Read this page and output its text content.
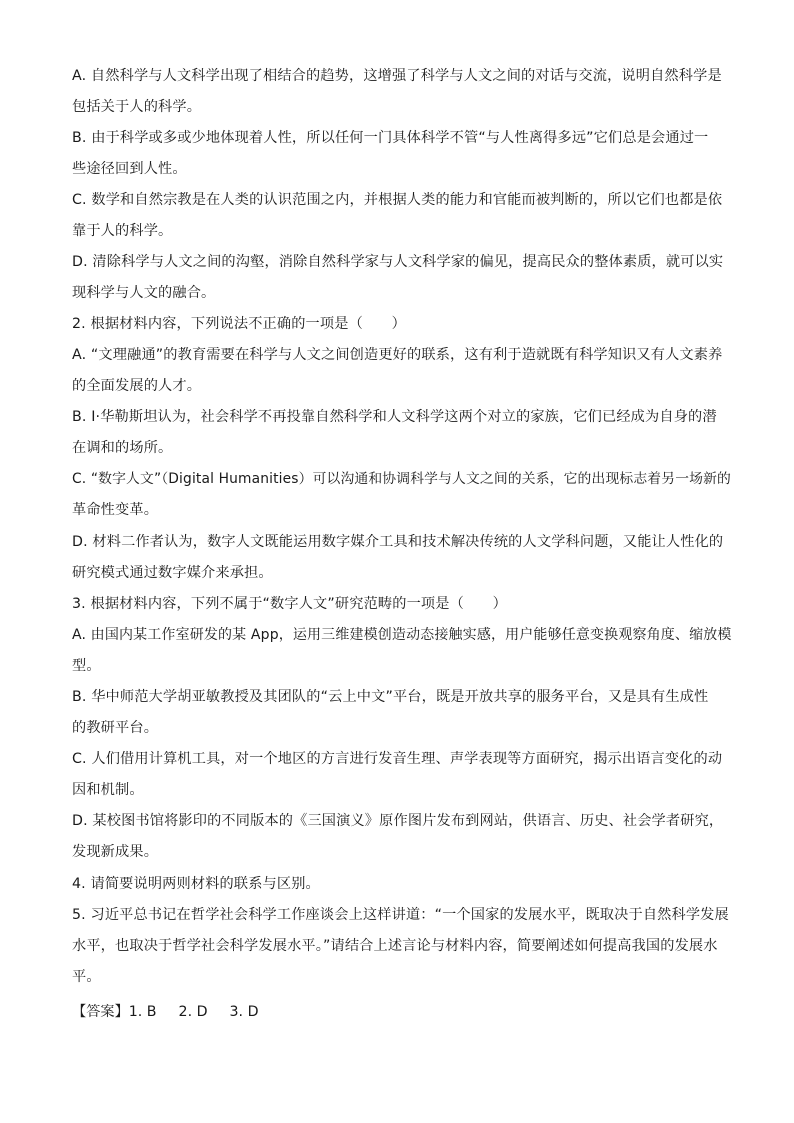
A. 自然科学与人文科学出现了相结合的趋势，这增强了科学与人文之间的对话与交流，说明自然科学是
包括关于人的科学。
B. 由于科学或多或少地体现着人性，所以任何一门具体科学不管“与人性离得多远”它们总是会通过一
些途径回到人性。
C. 数学和自然宗教是在人类的认识范围之内，并根据人类的能力和官能而被判断的，所以它们也都是依
靠于人的科学。
D. 清除科学与人文之间的沟壑，消除自然科学家与人文科学家的偏见，提高民众的整体素质，就可以实
现科学与人文的融合。
2. 根据材料内容，下列说法不正确的一项是（　　）
A. “文理融通”的教育需要在科学与人文之间创造更好的联系，这有利于造就既有科学知识又有人文素养
的全面发展的人才。
B. I·华勒斯坦认为，社会科学不再投靠自然科学和人文科学这两个对立的家族，它们已经成为自身的潜
在调和的场所。
C. “数字人文”（Digital Humanities）可以沟通和协调科学与人文之间的关系，它的出现标志着另一场新的
革命性变革。
D. 材料二作者认为，数字人文既能运用数字媒介工具和技术解决传统的人文学科问题，又能让人性化的
研究模式通过数字媒介来承担。
3. 根据材料内容，下列不属于“数字人文”研究范畴的一项是（　　）
A. 由国内某工作室研发的某 App，运用三维建模创造动态接触实感，用户能够任意变换观察角度、缩放模
型。
B. 华中师范大学胡亚敏教授及其团队的“云上中文”平台，既是开放共享的服务平台，又是具有生成性
的教研平台。
C. 人们借用计算机工具，对一个地区的方言进行发音生理、声学表现等方面研究，揭示出语言变化的动
因和机制。
D. 某校图书馆将影印的不同版本的《三国演义》原作图片发布到网站，供语言、历史、社会学者研究，
发现新成果。
4. 请简要说明两则材料的联系与区别。
5. 习近平总书记在哲学社会科学工作座谈会上这样讲道：“一个国家的发展水平，既取决于自然科学发展
水平，也取决于哲学社会科学发展水平。”请结合上述言论与材料内容，简要阐述如何提高我国的发展水
平。
【答案】1. B 2. D 3. D
